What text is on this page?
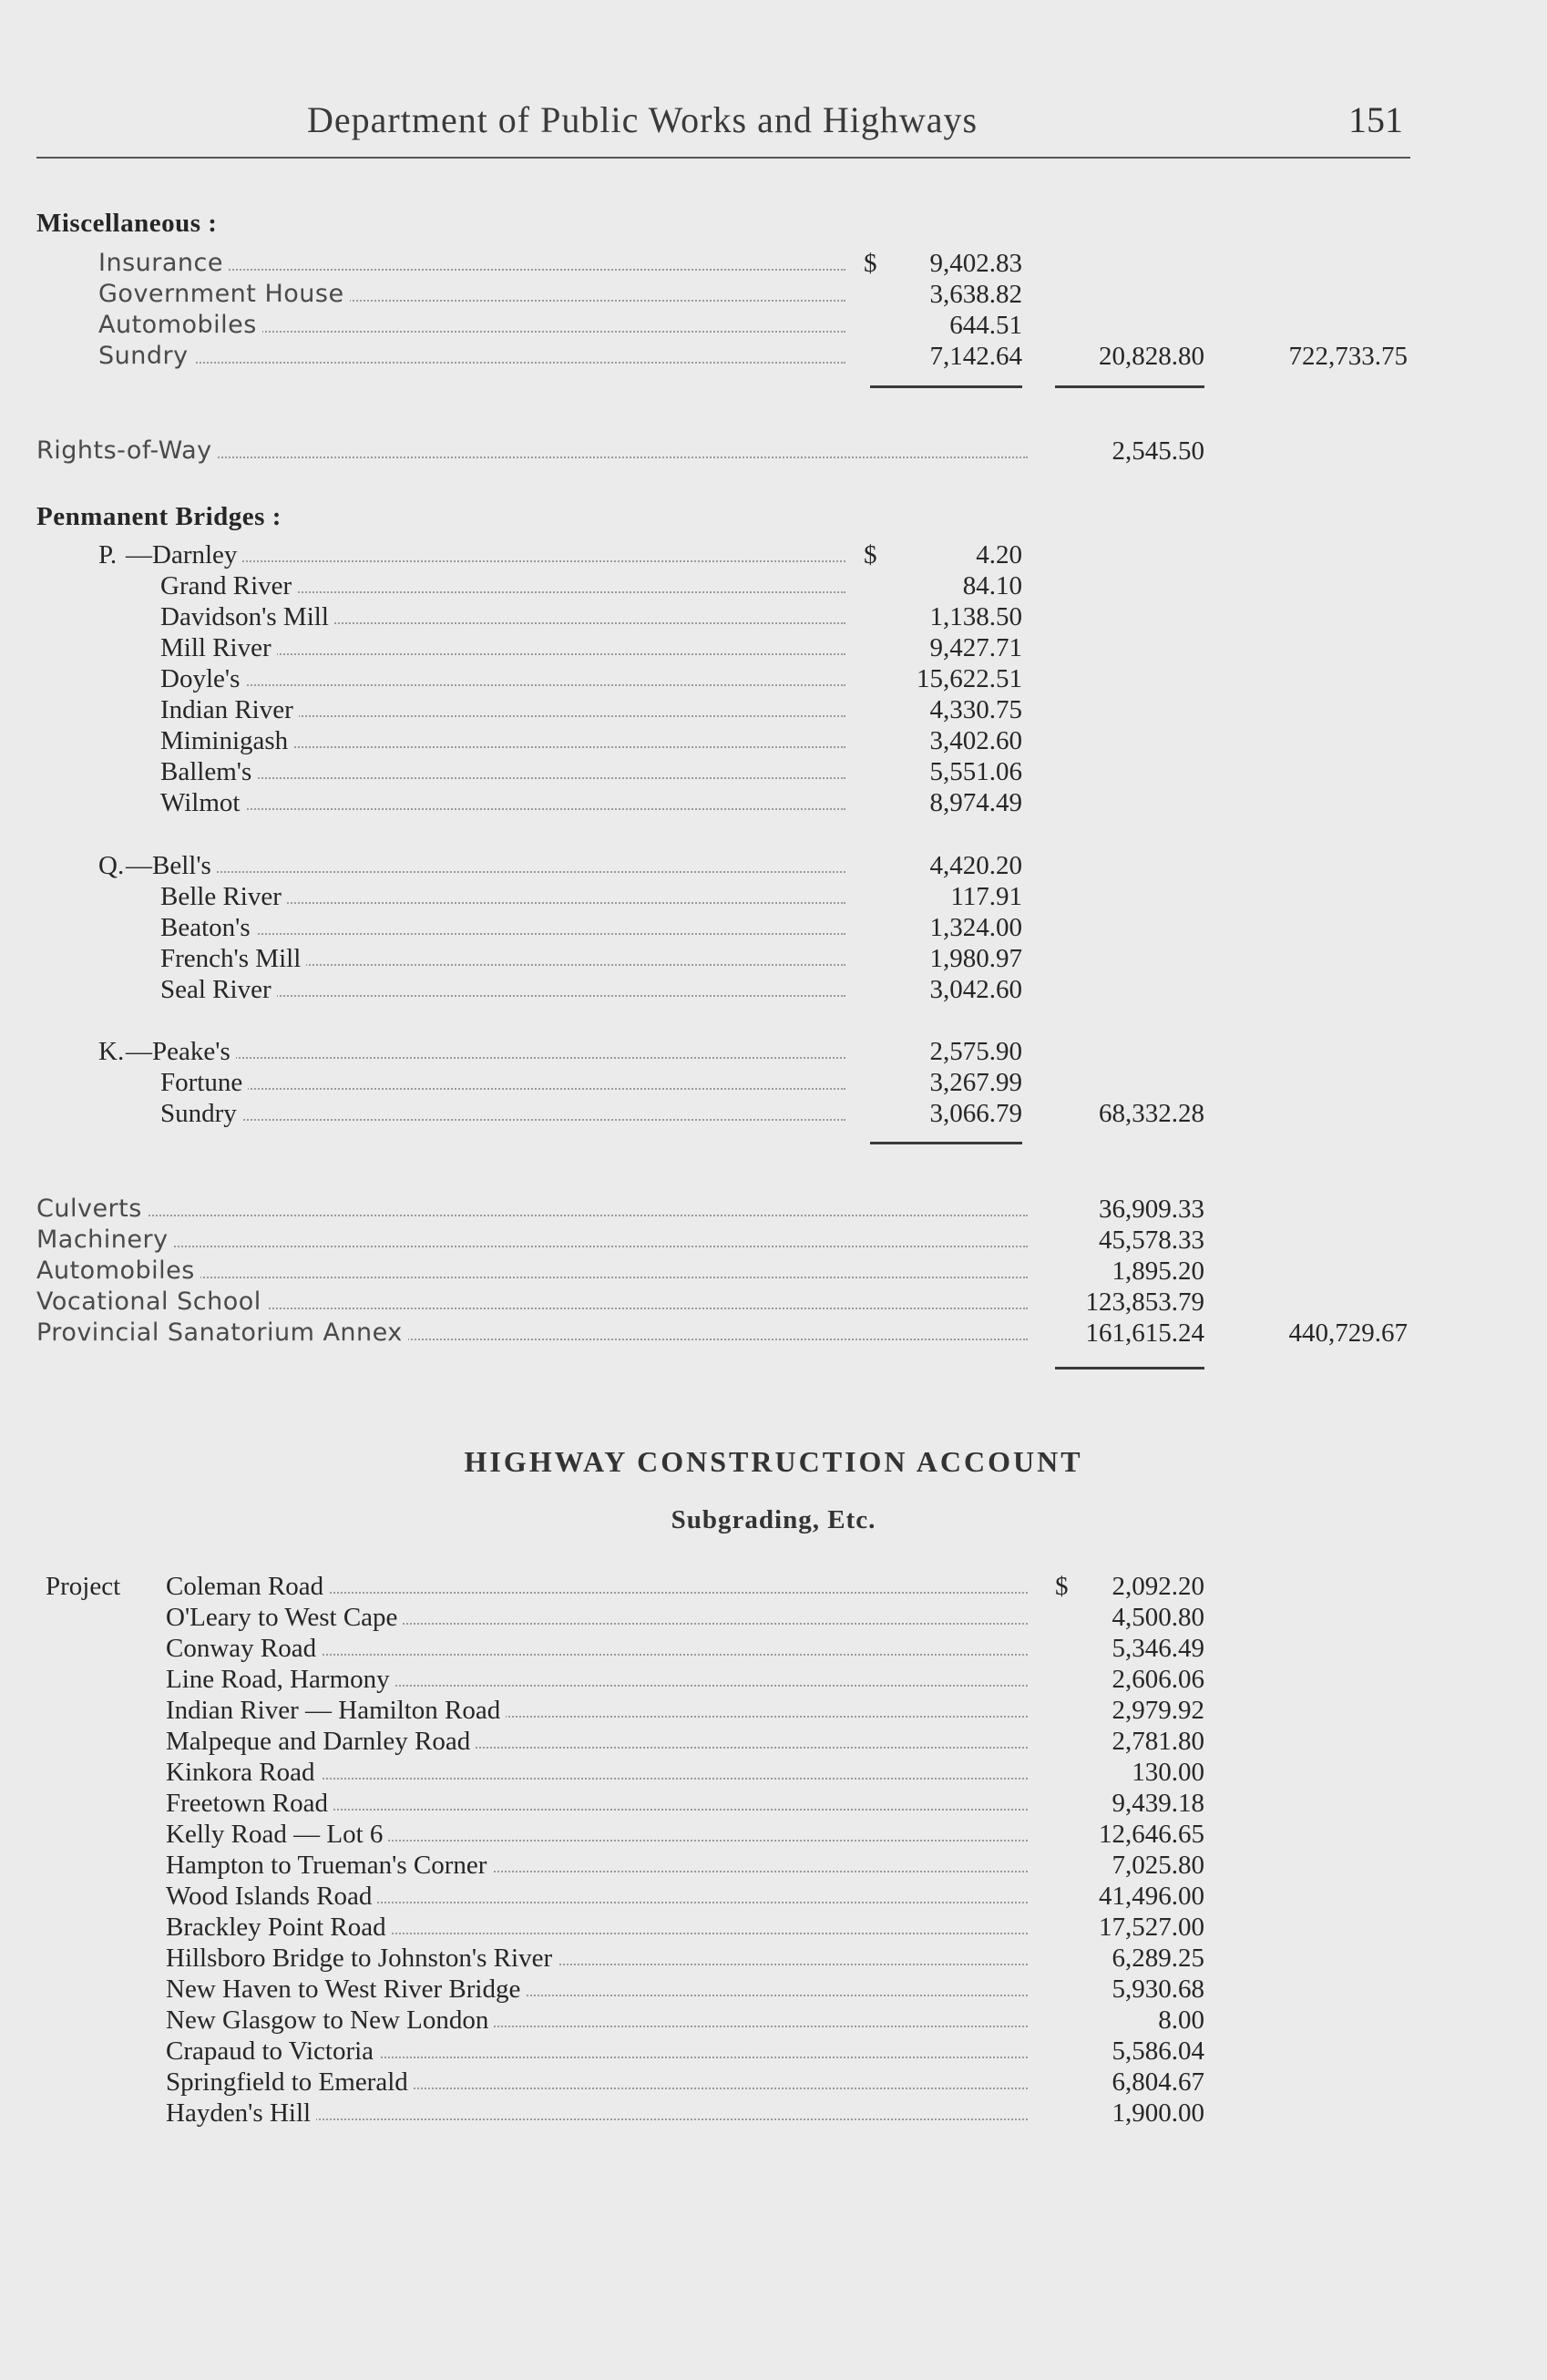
Department of Public Works and Highways	151
Miscellaneous :
Insurance	$	9,402.83
Government House	3,638.82
Automobiles	644.51
Sundry	7,142.64	20,828.80	722,733.75
Rights-of-Way	2,545.50
Penmanent Bridges :
P. —Darnley	$	4.20
Grand River	84.10
Davidson's Mill	1,138.50
Mill River	9,427.71
Doyle's	15,622.51
Indian River	4,330.75
Miminigash	3,402.60
Ballem's	5,551.06
Wilmot	8,974.49
Q. —Bell's	4,420.20
Belle River	117.91
Beaton's	1,324.00
French's Mill	1,980.97
Seal River	3,042.60
K. —Peake's	2,575.90
Fortune	3,267.99
Sundry	3,066.79	68,332.28
Culverts	36,909.33
Machinery	45,578.33
Automobiles	1,895.20
Vocational School	123,853.79
Provincial Sanatorium Annex	161,615.24	440,729.67
Project Coleman Road	$	2,092.20
O'Leary to West Cape	4,500.80
Conway Road	5,346.49
Line Road, Harmony	2,606.06
Indian River — Hamilton Road	2,979.92
Malpeque and Darnley Road	2,781.80
Kinkora Road	130.00
Freetown Road	9,439.18
Kelly Road — Lot 6	12,646.65
Hampton to Trueman's Corner	7,025.80
Wood Islands Road	41,496.00
Brackley Point Road	17,527.00
Hillsboro Bridge to Johnston's River	6,289.25
New Haven to West River Bridge	5,930.68
New Glasgow to New London	8.00
Crapaud to Victoria	5,586.04
Springfield to Emerald	6,804.67
Hayden's Hill	1,900.00
HIGHWAY CONSTRUCTION ACCOUNT
Subgrading, Etc.
